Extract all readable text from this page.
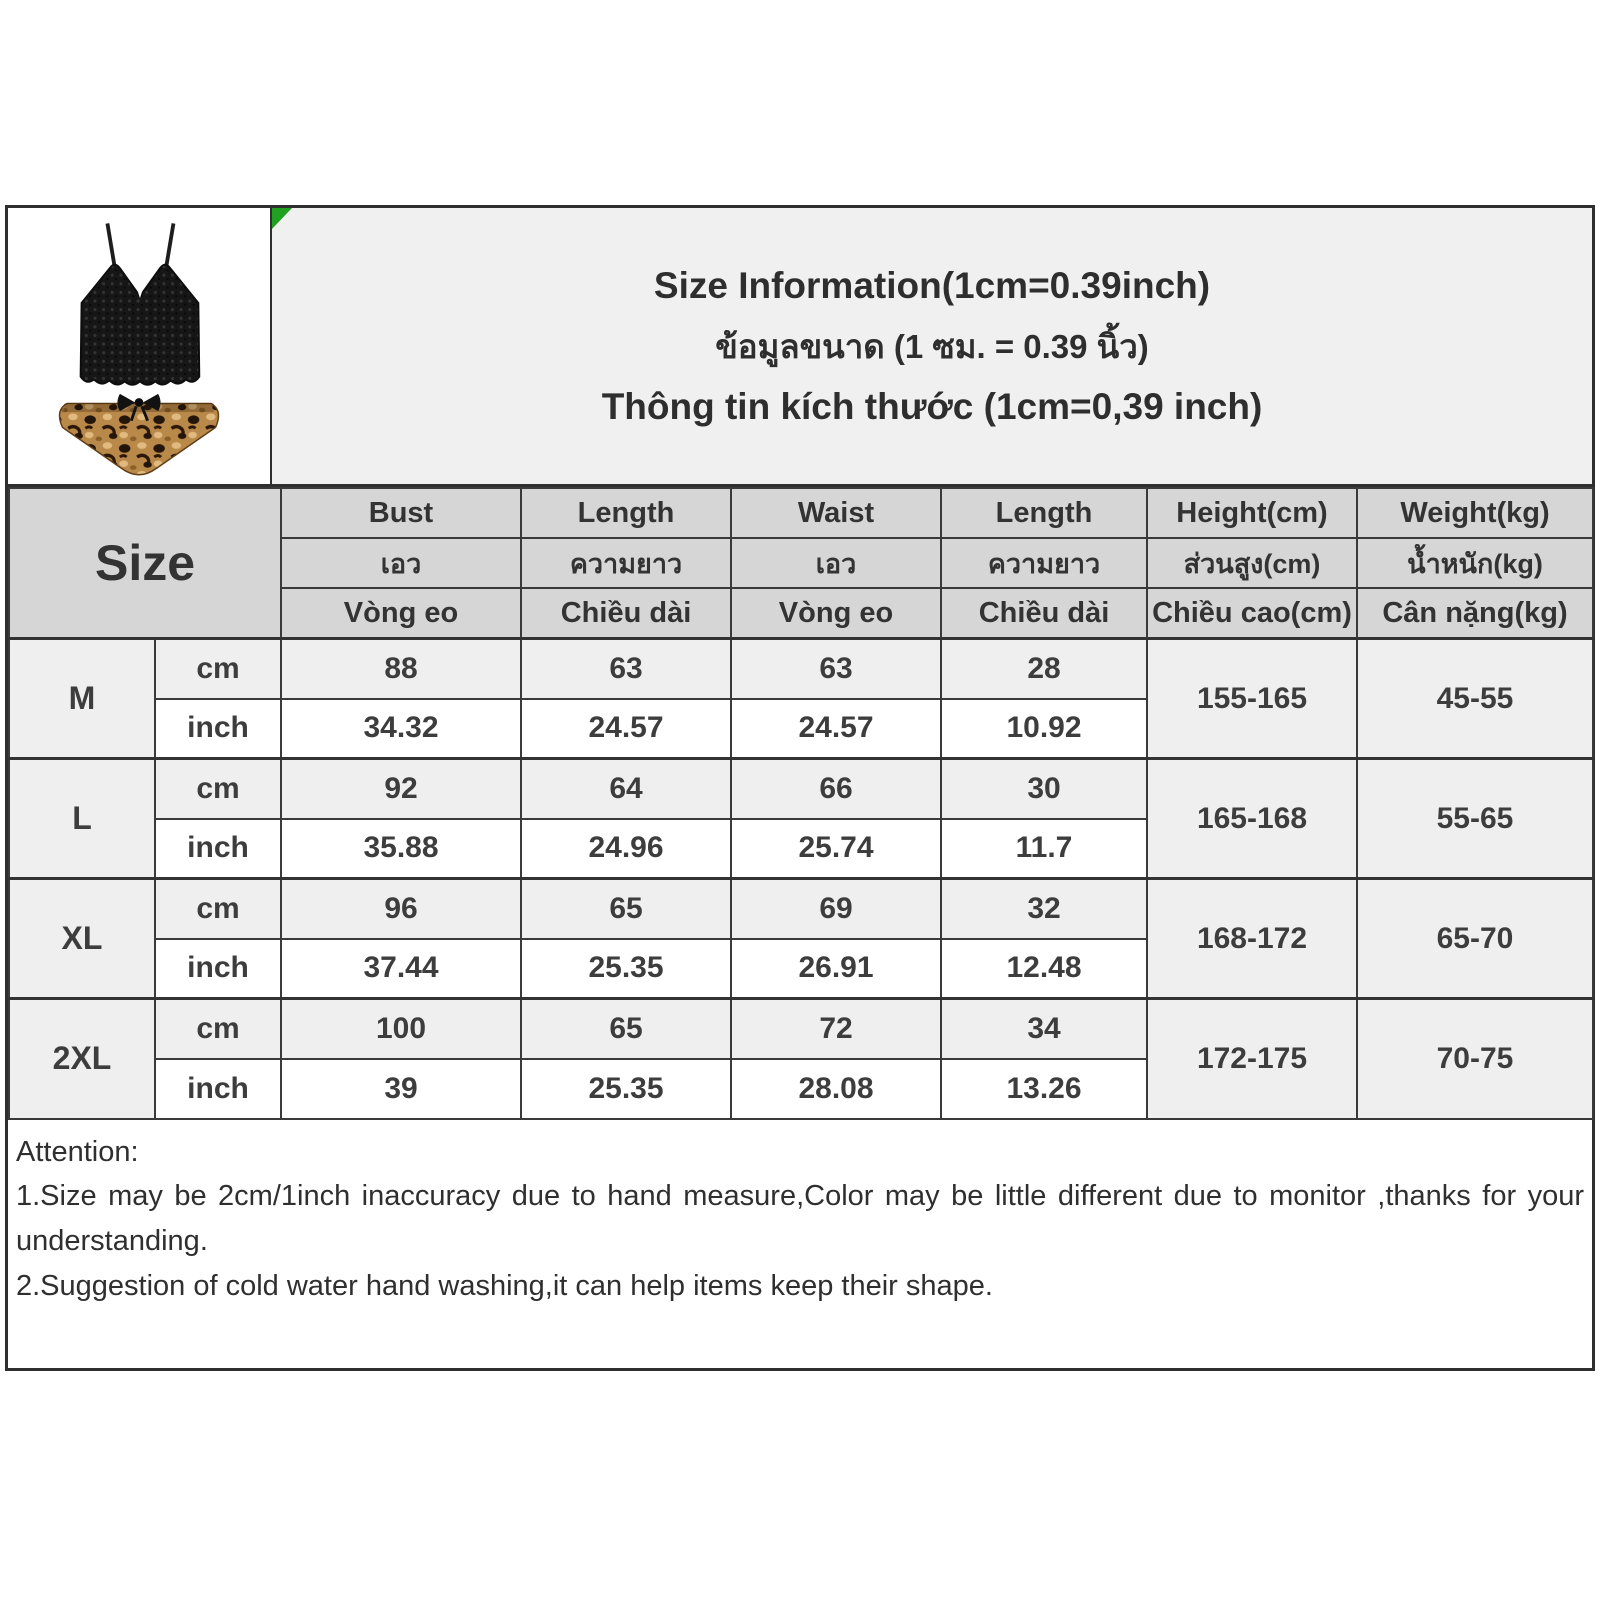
Size Information(1cm=0.39inch)
ข้อมูลขนาด (1 ซม. = 0.39 นิ้ว)
Thông tin kích thước (1cm=0,39 inch)
Size		Bust	Length	Waist	Length	Height(cm)	Weight(kg)
		เอว	ความยาว	เอว	ความยาว	ส่วนสูง(cm)	น้ำหนัก(kg)
		Vòng eo	Chiều dài	Vòng eo	Chiều dài	Chiều cao(cm)	Cân nặng(kg)
M	cm	88	63	63	28	155-165	45-55
	inch	34.32	24.57	24.57	10.92		
L	cm	92	64	66	30	165-168	55-65
	inch	35.88	24.96	25.74	11.7		
XL	cm	96	65	69	32	168-172	65-70
	inch	37.44	25.35	26.91	12.48		
2XL	cm	100	65	72	34	172-175	70-75
	inch	39	25.35	28.08	13.26		

Attention:

1.Size may be 2cm/1inch inaccuracy due to hand measure,Color may be little different due to monitor ,thanks for your understanding.

2.Suggestion of cold water hand washing,it can help items keep their shape.
